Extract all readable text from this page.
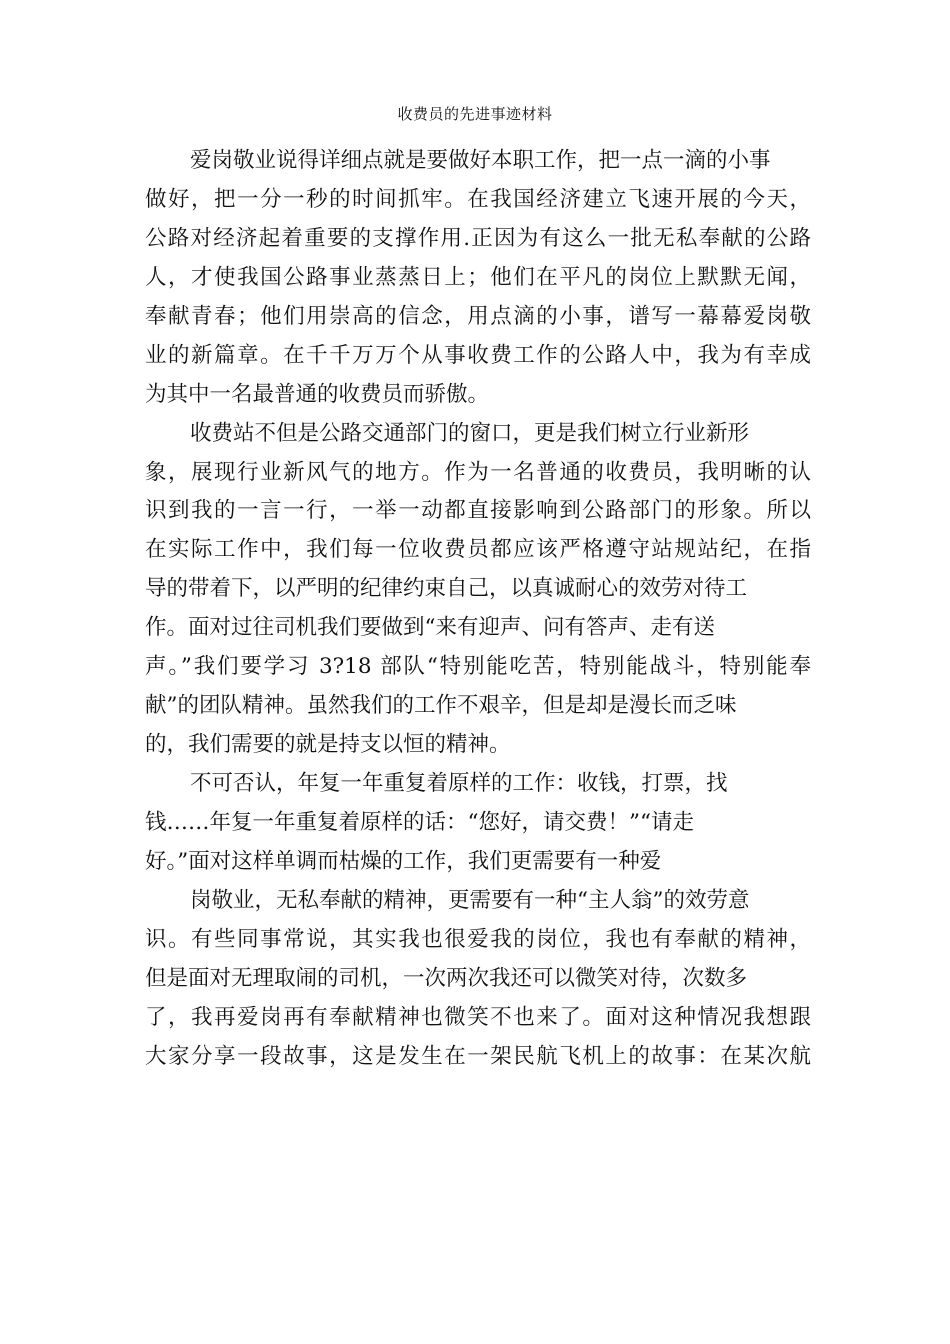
收费员的先进事迹材料
爱岗敬业说得详细点就是要做好本职工作，把一点一滴的小事
做好，把一分一秒的时间抓牢。在我国经济建立飞速开展的今天，
公路对经济起着重要的支撑作用.正因为有这么一批无私奉献的公路
人，才使我国公路事业蒸蒸日上；他们在平凡的岗位上默默无闻，
奉献青春；他们用崇高的信念，用点滴的小事，谱写一幕幕爱岗敬
业的新篇章。在千千万万个从事收费工作的公路人中，我为有幸成
为其中一名最普通的收费员而骄傲。
收费站不但是公路交通部门的窗口，更是我们树立行业新形
象，展现行业新风气的地方。作为一名普通的收费员，我明晰的认
识到我的一言一行，一举一动都直接影响到公路部门的形象。所以
在实际工作中，我们每一位收费员都应该严格遵守站规站纪，在指
导的带着下，以严明的纪律约束自己，以真诚耐心的效劳对待工
作。面对过往司机我们要做到“来有迎声、问有答声、走有送
声。”我们要学习 3?18 部队“特别能吃苦，特别能战斗，特别能奉
献”的团队精神。虽然我们的工作不艰辛，但是却是漫长而乏味
的，我们需要的就是持支以恒的精神。
不可否认，年复一年重复着原样的工作：收钱，打票，找
钱……年复一年重复着原样的话：“您好，请交费！”“请走
好。”面对这样单调而枯燥的工作，我们更需要有一种爱
岗敬业，无私奉献的精神，更需要有一种“主人翁”的效劳意
识。有些同事常说，其实我也很爱我的岗位，我也有奉献的精神，
但是面对无理取闹的司机，一次两次我还可以微笑对待，次数多
了，我再爱岗再有奉献精神也微笑不也来了。面对这种情况我想跟
大家分享一段故事，这是发生在一架民航飞机上的故事：在某次航
